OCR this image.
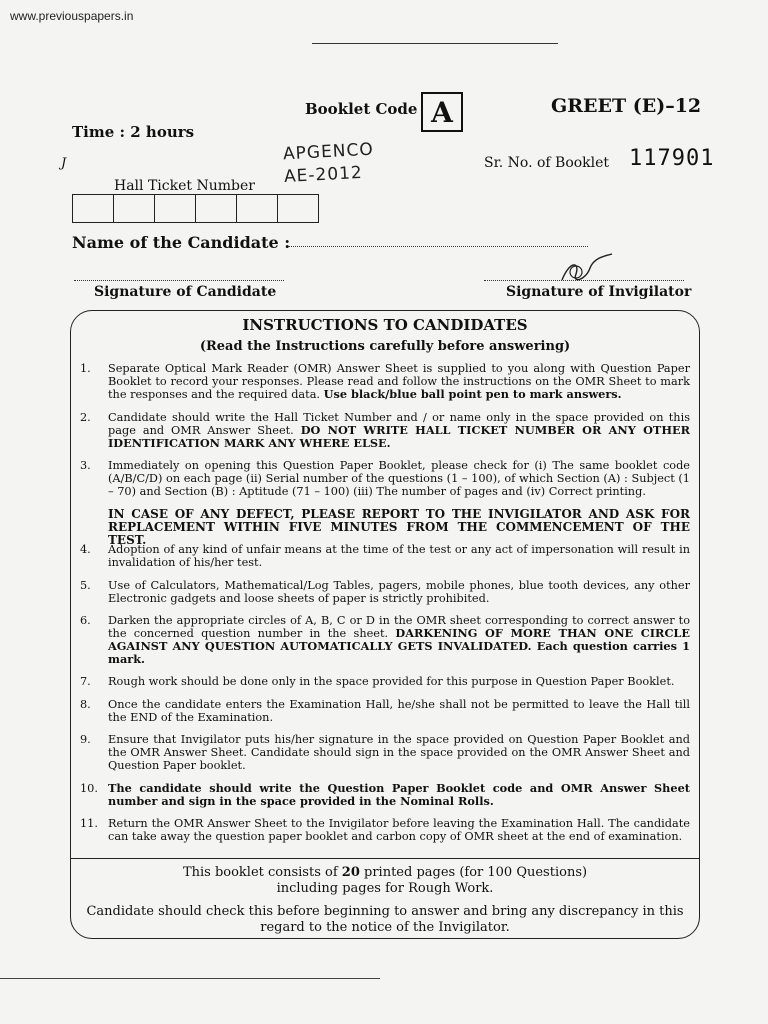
www.previouspapers.in
Booklet Code A	GREET (E)–12
Time : 2 hours
J	APGENCO
AE-2012	Sr. No. of Booklet 117901
Hall Ticket Number
Name of the Candidate :
Signature of Candidate	Signature of Invigilator
INSTRUCTIONS TO CANDIDATES
(Read the Instructions carefully before answering)
1.	Separate Optical Mark Reader (OMR) Answer Sheet is supplied to you along with Question Paper Booklet to record your responses. Please read and follow the instructions on the OMR Sheet to mark the responses and the required data. Use black/blue ball point pen to mark answers.
2.	Candidate should write the Hall Ticket Number and / or name only in the space provided on this page and OMR Answer Sheet. DO NOT WRITE HALL TICKET NUMBER OR ANY OTHER IDENTIFICATION MARK ANY WHERE ELSE.
3.	Immediately on opening this Question Paper Booklet, please check for (i) The same booklet code (A/B/C/D) on each page (ii) Serial number of the questions (1 – 100), of which Section (A) : Subject (1 – 70) and Section (B) : Aptitude (71 – 100) (iii) The number of pages and (iv) Correct printing.
IN CASE OF ANY DEFECT, PLEASE REPORT TO THE INVIGILATOR AND ASK FOR REPLACEMENT WITHIN FIVE MINUTES FROM THE COMMENCEMENT OF THE TEST.
4.	Adoption of any kind of unfair means at the time of the test or any act of impersonation will result in invalidation of his/her test.
5.	Use of Calculators, Mathematical/Log Tables, pagers, mobile phones, blue tooth devices, any other Electronic gadgets and loose sheets of paper is strictly prohibited.
6.	Darken the appropriate circles of A, B, C or D in the OMR sheet corresponding to correct answer to the concerned question number in the sheet. DARKENING OF MORE THAN ONE CIRCLE AGAINST ANY QUESTION AUTOMATICALLY GETS INVALIDATED. Each question carries 1 mark.
7.	Rough work should be done only in the space provided for this purpose in Question Paper Booklet.
8.	Once the candidate enters the Examination Hall, he/she shall not be permitted to leave the Hall till the END of the Examination.
9.	Ensure that Invigilator puts his/her signature in the space provided on Question Paper Booklet and the OMR Answer Sheet. Candidate should sign in the space provided on the OMR Answer Sheet and Question Paper booklet.
10. The candidate should write the Question Paper Booklet code and OMR Answer Sheet number and sign in the space provided in the Nominal Rolls.
11. Return the OMR Answer Sheet to the Invigilator before leaving the Examination Hall. The candidate can take away the question paper booklet and carbon copy of OMR sheet at the end of examination.
This booklet consists of 20 printed pages (for 100 Questions)
including pages for Rough Work.
Candidate should check this before beginning to answer and bring any discrepancy in this
regard to the notice of the Invigilator.
